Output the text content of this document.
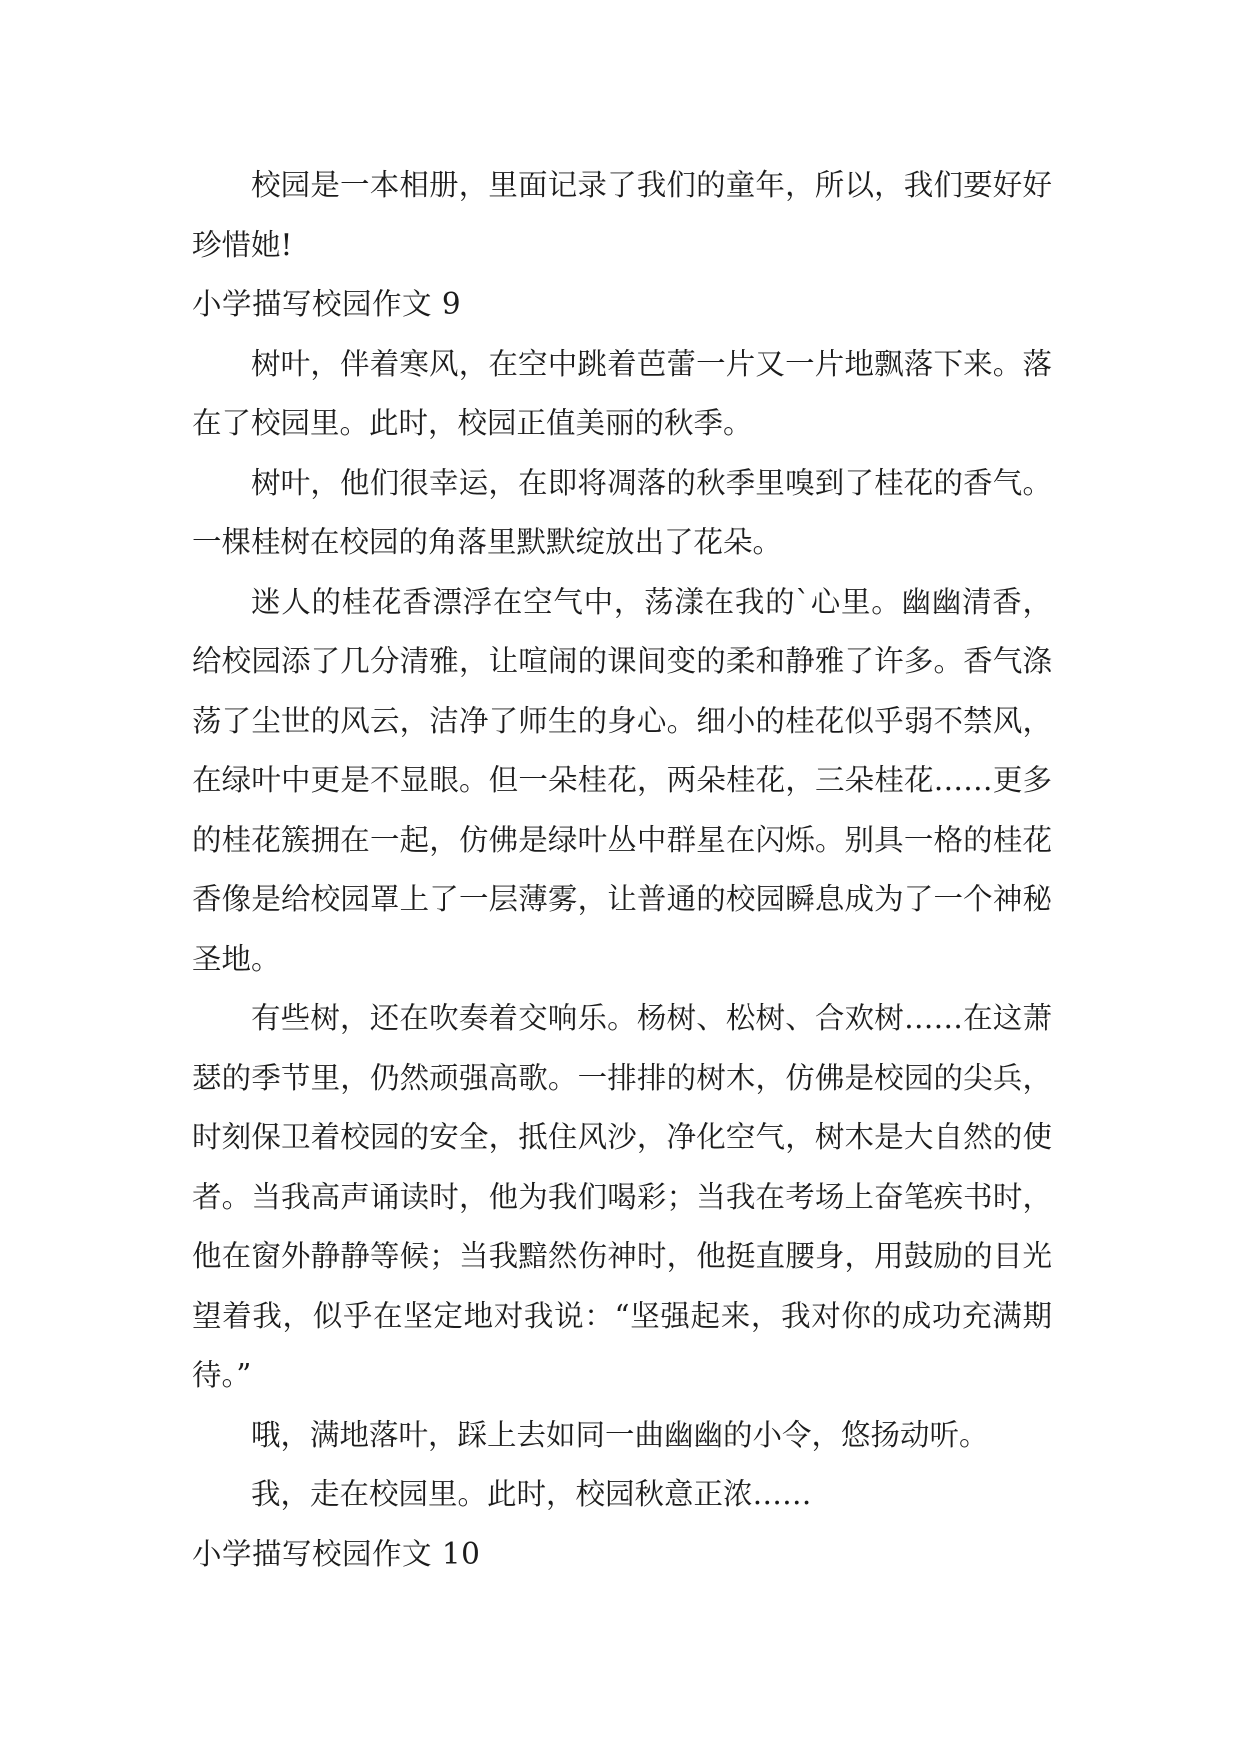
校园是一本相册，里面记录了我们的童年，所以，我们要好好珍惜她!

小学描写校园作文 9

树叶，伴着寒风，在空中跳着芭蕾一片又一片地飘落下来。落在了校园里。此时，校园正值美丽的秋季。

树叶，他们很幸运，在即将凋落的秋季里嗅到了桂花的香气。一棵桂树在校园的角落里默默绽放出了花朵。

迷人的桂花香漂浮在空气中，荡漾在我的`心里。幽幽清香，给校园添了几分清雅，让喧闹的课间变的柔和静雅了许多。香气涤荡了尘世的风云，洁净了师生的身心。细小的桂花似乎弱不禁风，在绿叶中更是不显眼。但一朵桂花，两朵桂花，三朵桂花……更多的桂花簇拥在一起，仿佛是绿叶丛中群星在闪烁。别具一格的桂花香像是给校园罩上了一层薄雾，让普通的校园瞬息成为了一个神秘圣地。

有些树，还在吹奏着交响乐。杨树、松树、合欢树……在这萧瑟的季节里，仍然顽强高歌。一排排的树木，仿佛是校园的尖兵，时刻保卫着校园的安全，抵住风沙，净化空气，树木是大自然的使者。当我高声诵读时，他为我们喝彩；当我在考场上奋笔疾书时，他在窗外静静等候；当我黯然伤神时，他挺直腰身，用鼓励的目光望着我，似乎在坚定地对我说：“坚强起来，我对你的成功充满期待。”

哦，满地落叶，踩上去如同一曲幽幽的小令，悠扬动听。

我，走在校园里。此时，校园秋意正浓……

小学描写校园作文 10
